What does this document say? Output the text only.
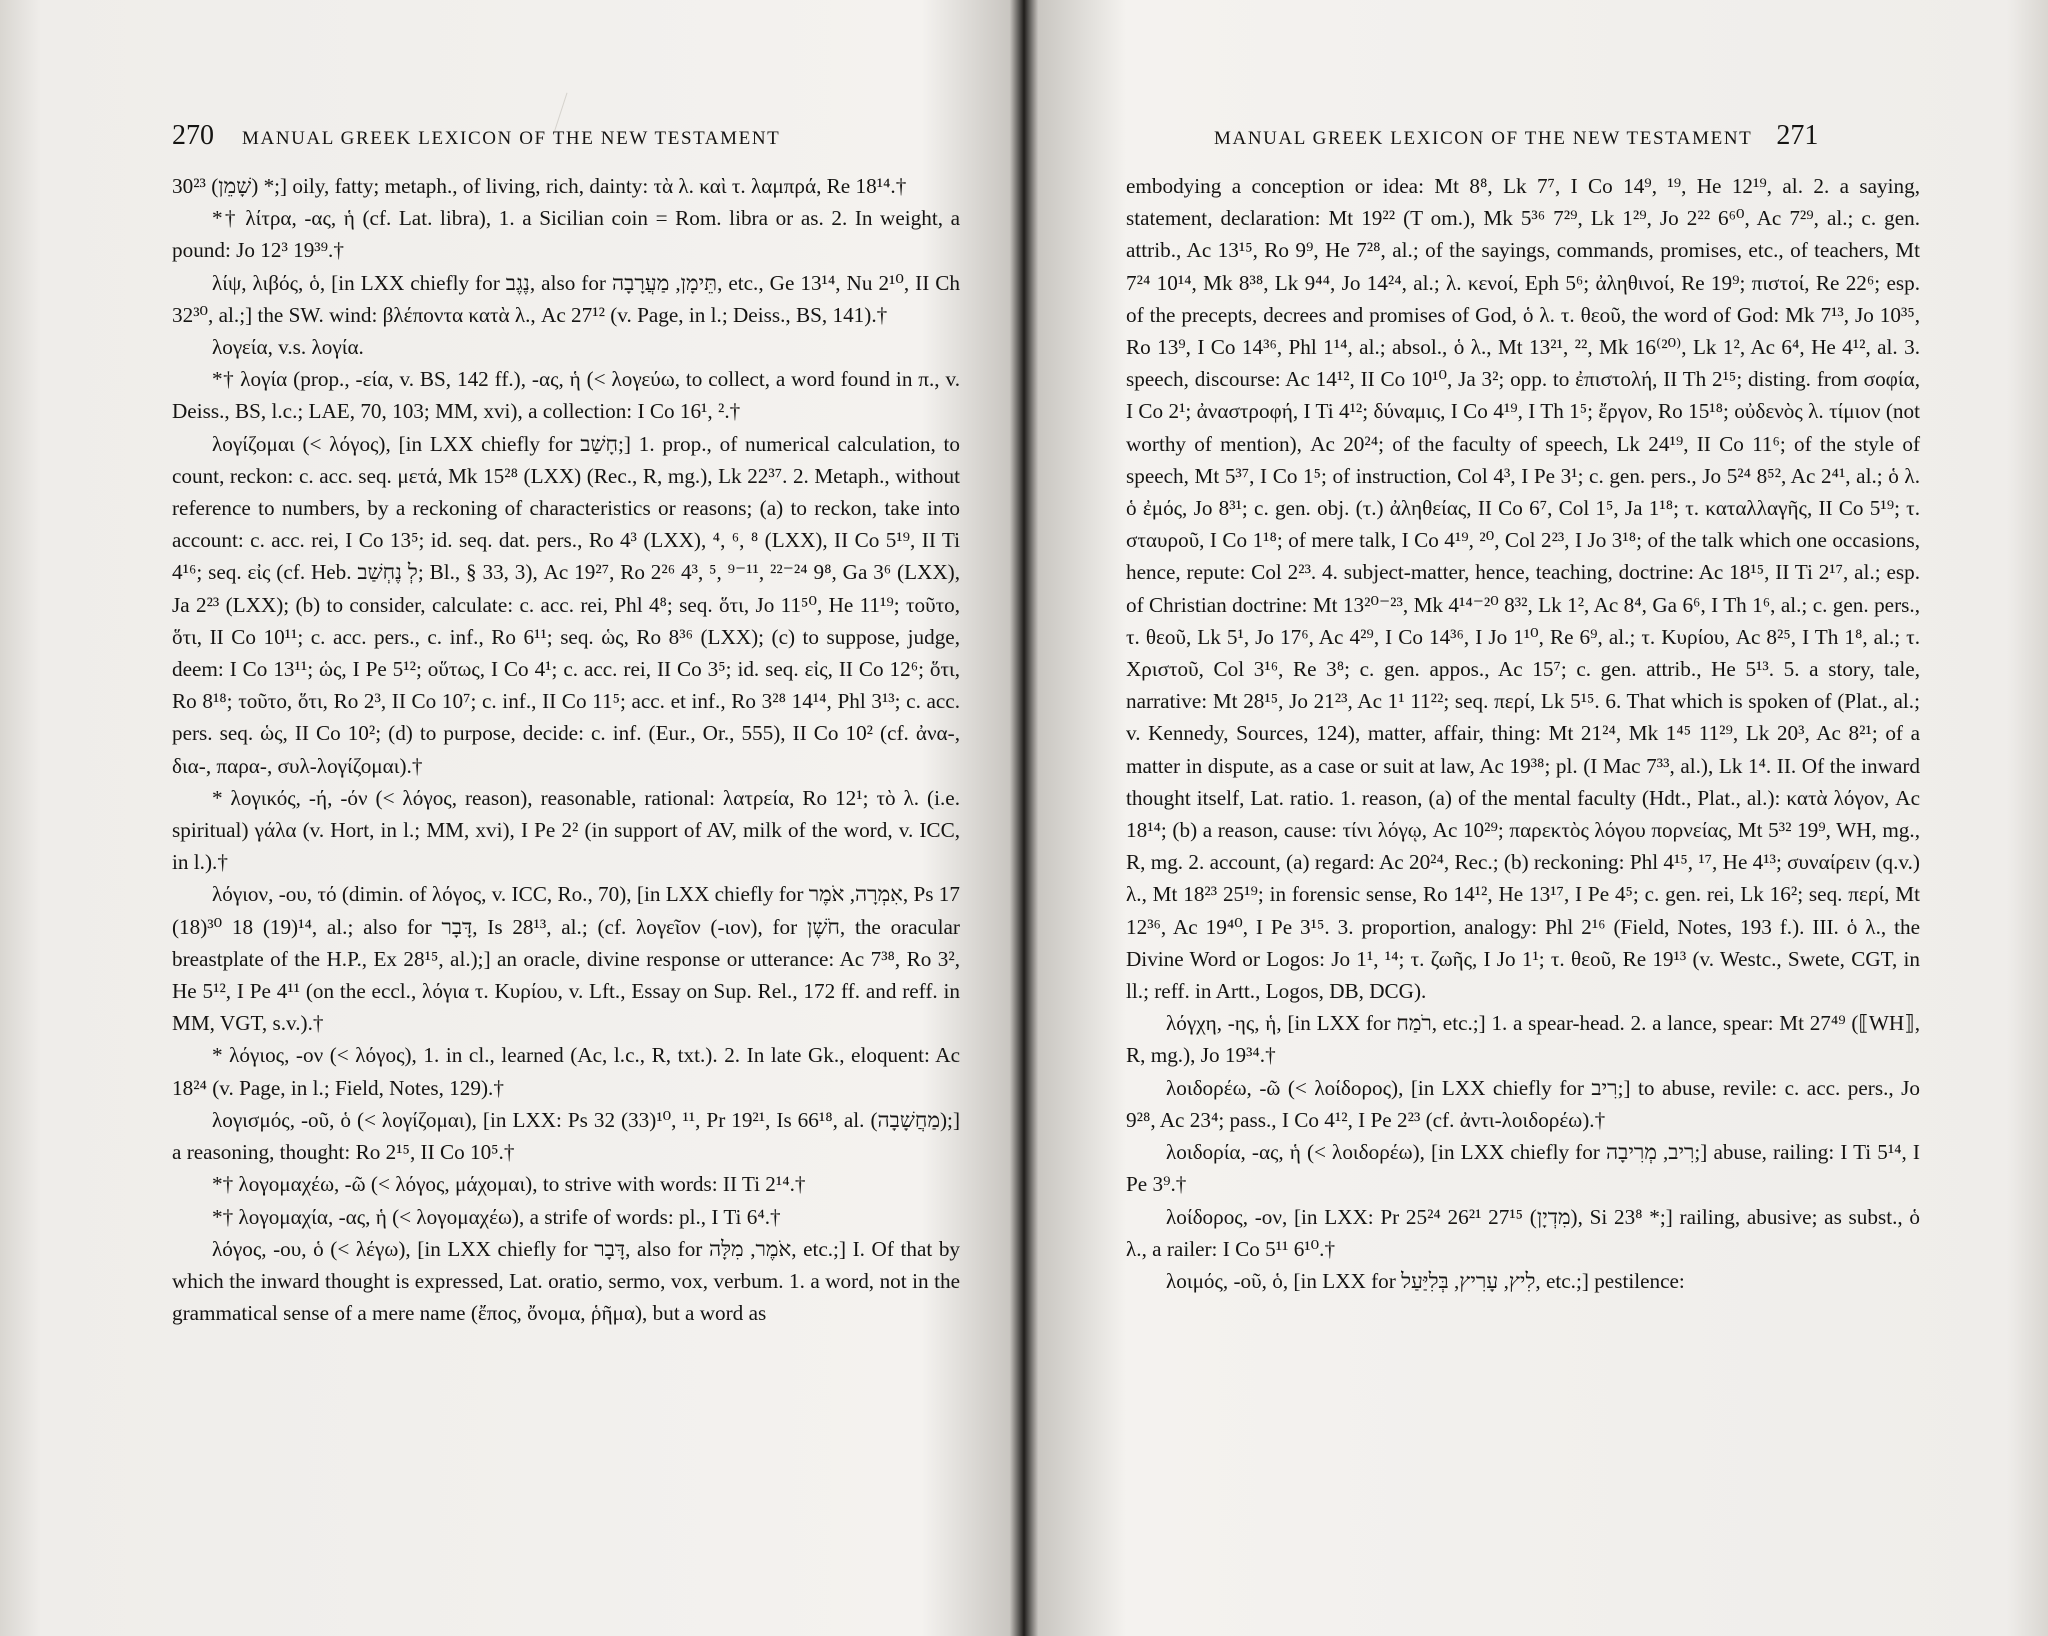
270 MANUAL GREEK LEXICON OF THE NEW TESTAMENT

30²³ (שָׁמֵן) *;] oily, fatty; metaph., of living, rich, dainty: τὰ λ. καὶ τ. λαμπρά, Re 18¹⁴.†

*† λίτρα, -ας, ἡ (cf. Lat. libra), 1. a Sicilian coin = Rom. libra or as. 2. In weight, a pound: Jo 12³ 19³⁹.†

λίψ, λιβός, ὁ, [in LXX chiefly for נֶגֶב, also for תֵּימָן, מַעֲרָבָה, etc., Ge 13¹⁴, Nu 2¹⁰, II Ch 32³⁰, al.;] the SW. wind: βλέποντα κατὰ λ., Ac 27¹² (v. Page, in l.; Deiss., BS, 141).†

λογεία, v.s. λογία.

*† λογία (prop., -εία, v. BS, 142 ff.), -ας, ἡ (< λογεύω, to collect, a word found in π., v. Deiss., BS, l.c.; LAE, 70, 103; MM, xvi), a collection: I Co 16¹, ².†

λογίζομαι (< λόγος), [in LXX chiefly for חָשַׁב;] 1. prop., of numerical calculation, to count, reckon: c. acc. seq. μετά, Mk 15²⁸ (LXX) (Rec., R, mg.), Lk 22³⁷. 2. Metaph., without reference to numbers, by a reckoning of characteristics or reasons; (a) to reckon, take into account: c. acc. rei, I Co 13⁵; id. seq. dat. pers., Ro 4³ (LXX), ⁴, ⁶, ⁸ (LXX), II Co 5¹⁹, II Ti 4¹⁶; seq. εἰς (cf. Heb. לְ נֶחְשַׁב; Bl., § 33, 3), Ac 19²⁷, Ro 2²⁶ 4³, ⁵, ⁹⁻¹¹, ²²⁻²⁴ 9⁸, Ga 3⁶ (LXX), Ja 2²³ (LXX); (b) to consider, calculate: c. acc. rei, Phl 4⁸; seq. ὅτι, Jo 11⁵⁰, He 11¹⁹; τοῦτο, ὅτι, II Co 10¹¹; c. acc. pers., c. inf., Ro 6¹¹; seq. ὡς, Ro 8³⁶ (LXX); (c) to suppose, judge, deem: I Co 13¹¹; ὡς, I Pe 5¹²; οὕτως, I Co 4¹; c. acc. rei, II Co 3⁵; id. seq. εἰς, II Co 12⁶; ὅτι, Ro 8¹⁸; τοῦτο, ὅτι, Ro 2³, II Co 10⁷; c. inf., II Co 11⁵; acc. et inf., Ro 3²⁸ 14¹⁴, Phl 3¹³; c. acc. pers. seq. ὡς, II Co 10²; (d) to purpose, decide: c. inf. (Eur., Or., 555), II Co 10² (cf. ἀνα-, δια-, παρα-, συλ-λογίζομαι).†

* λογικός, -ή, -όν (< λόγος, reason), reasonable, rational: λατρεία, Ro 12¹; τὸ λ. (i.e. spiritual) γάλα (v. Hort, in l.; MM, xvi), I Pe 2² (in support of AV, milk of the word, v. ICC, in l.).†

λόγιον, -ου, τό (dimin. of λόγος, v. ICC, Ro., 70), [in LXX chiefly for אִמְרָה, אֹמֶר, Ps 17 (18)³⁰ 18 (19)¹⁴, al.; also for דָּבָר, Is 28¹³, al.; (cf. λογεῖον (-ιον), for חֹשֶׁן, the oracular breastplate of the H.P., Ex 28¹⁵, al.);] an oracle, divine response or utterance: Ac 7³⁸, Ro 3², He 5¹², I Pe 4¹¹ (on the eccl., λόγια τ. Κυρίου, v. Lft., Essay on Sup. Rel., 172 ff. and reff. in MM, VGT, s.v.).†

* λόγιος, -ον (< λόγος), 1. in cl., learned (Ac, l.c., R, txt.). 2. In late Gk., eloquent: Ac 18²⁴ (v. Page, in l.; Field, Notes, 129).†

λογισμός, -οῦ, ὁ (< λογίζομαι), [in LXX: Ps 32 (33)¹⁰, ¹¹, Pr 19²¹, Is 66¹⁸, al. (מַחֲשָׁבָה);] a reasoning, thought: Ro 2¹⁵, II Co 10⁵.†

*† λογομαχέω, -ῶ (< λόγος, μάχομαι), to strive with words: II Ti 2¹⁴.†

*† λογομαχία, -ας, ἡ (< λογομαχέω), a strife of words: pl., I Ti 6⁴.†

λόγος, -ου, ὁ (< λέγω), [in LXX chiefly for דָּבָר, also for אֹמֶר, מִלָּה, etc.;] I. Of that by which the inward thought is expressed, Lat. oratio, sermo, vox, verbum. 1. a word, not in the grammatical sense of a mere name (ἔπος, ὄνομα, ῥῆμα), but a word as

MANUAL GREEK LEXICON OF THE NEW TESTAMENT 271

embodying a conception or idea: Mt 8⁸, Lk 7⁷, I Co 14⁹, ¹⁹, He 12¹⁹, al. 2. a saying, statement, declaration: Mt 19²² (T om.), Mk 5³⁶ 7²⁹, Lk 1²⁹, Jo 2²² 6⁶⁰, Ac 7²⁹, al.; c. gen. attrib., Ac 13¹⁵, Ro 9⁹, He 7²⁸, al.; of the sayings, commands, promises, etc., of teachers, Mt 7²⁴ 10¹⁴, Mk 8³⁸, Lk 9⁴⁴, Jo 14²⁴, al.; λ. κενοί, Eph 5⁶; ἀληθινοί, Re 19⁹; πιστοί, Re 22⁶; esp. of the precepts, decrees and promises of God, ὁ λ. τ. θεοῦ, the word of God: Mk 7¹³, Jo 10³⁵, Ro 13⁹, I Co 14³⁶, Phl 1¹⁴, al.; absol., ὁ λ., Mt 13²¹, ²², Mk 16⁽²⁰⁾, Lk 1², Ac 6⁴, He 4¹², al. 3. speech, discourse: Ac 14¹², II Co 10¹⁰, Ja 3²; opp. to ἐπιστολή, II Th 2¹⁵; disting. from σοφία, I Co 2¹; ἀναστροφή, I Ti 4¹²; δύναμις, I Co 4¹⁹, I Th 1⁵; ἔργον, Ro 15¹⁸; οὐδενὸς λ. τίμιον (not worthy of mention), Ac 20²⁴; of the faculty of speech, Lk 24¹⁹, II Co 11⁶; of the style of speech, Mt 5³⁷, I Co 1⁵; of instruction, Col 4³, I Pe 3¹; c. gen. pers., Jo 5²⁴ 8⁵², Ac 2⁴¹, al.; ὁ λ. ὁ ἐμός, Jo 8³¹; c. gen. obj. (τ.) ἀληθείας, II Co 6⁷, Col 1⁵, Ja 1¹⁸; τ. καταλλαγῆς, II Co 5¹⁹; τ. σταυροῦ, I Co 1¹⁸; of mere talk, I Co 4¹⁹, ²⁰, Col 2²³, I Jo 3¹⁸; of the talk which one occasions, hence, repute: Col 2²³. 4. subject-matter, hence, teaching, doctrine: Ac 18¹⁵, II Ti 2¹⁷, al.; esp. of Christian doctrine: Mt 13²⁰⁻²³, Mk 4¹⁴⁻²⁰ 8³², Lk 1², Ac 8⁴, Ga 6⁶, I Th 1⁶, al.; c. gen. pers., τ. θεοῦ, Lk 5¹, Jo 17⁶, Ac 4²⁹, I Co 14³⁶, I Jo 1¹⁰, Re 6⁹, al.; τ. Κυρίου, Ac 8²⁵, I Th 1⁸, al.; τ. Χριστοῦ, Col 3¹⁶, Re 3⁸; c. gen. appos., Ac 15⁷; c. gen. attrib., He 5¹³. 5. a story, tale, narrative: Mt 28¹⁵, Jo 21²³, Ac 1¹ 11²²; seq. περί, Lk 5¹⁵. 6. That which is spoken of (Plat., al.; v. Kennedy, Sources, 124), matter, affair, thing: Mt 21²⁴, Mk 1⁴⁵ 11²⁹, Lk 20³, Ac 8²¹; of a matter in dispute, as a case or suit at law, Ac 19³⁸; pl. (I Mac 7³³, al.), Lk 1⁴. II. Of the inward thought itself, Lat. ratio. 1. reason, (a) of the mental faculty (Hdt., Plat., al.): κατὰ λόγον, Ac 18¹⁴; (b) a reason, cause: τίνι λόγῳ, Ac 10²⁹; παρεκτὸς λόγου πορνείας, Mt 5³² 19⁹, WH, mg., R, mg. 2. account, (a) regard: Ac 20²⁴, Rec.; (b) reckoning: Phl 4¹⁵, ¹⁷, He 4¹³; συναίρειν (q.v.) λ., Mt 18²³ 25¹⁹; in forensic sense, Ro 14¹², He 13¹⁷, I Pe 4⁵; c. gen. rei, Lk 16²; seq. περί, Mt 12³⁶, Ac 19⁴⁰, I Pe 3¹⁵. 3. proportion, analogy: Phl 2¹⁶ (Field, Notes, 193 f.). III. ὁ λ., the Divine Word or Logos: Jo 1¹, ¹⁴; τ. ζωῆς, I Jo 1¹; τ. θεοῦ, Re 19¹³ (v. Westc., Swete, CGT, in ll.; reff. in Artt., Logos, DB, DCG).

λόγχη, -ης, ἡ, [in LXX for רֹמַח, etc.;] 1. a spear-head. 2. a lance, spear: Mt 27⁴⁹ (⟦WH⟧, R, mg.), Jo 19³⁴.†

λοιδορέω, -ῶ (< λοίδορος), [in LXX chiefly for רִיב;] to abuse, revile: c. acc. pers., Jo 9²⁸, Ac 23⁴; pass., I Co 4¹², I Pe 2²³ (cf. ἀντι-λοιδορέω).†

λοιδορία, -ας, ἡ (< λοιδορέω), [in LXX chiefly for רִיב, מְרִיבָה;] abuse, railing: I Ti 5¹⁴, I Pe 3⁹.†

λοίδορος, -ον, [in LXX: Pr 25²⁴ 26²¹ 27¹⁵ (מִדְיָן), Si 23⁸ *;] railing, abusive; as subst., ὁ λ., a railer: I Co 5¹¹ 6¹⁰.†

λοιμός, -οῦ, ὁ, [in LXX for לִיץ, עָרִיץ, בְּלִיַּעַל, etc.;] pestilence:
